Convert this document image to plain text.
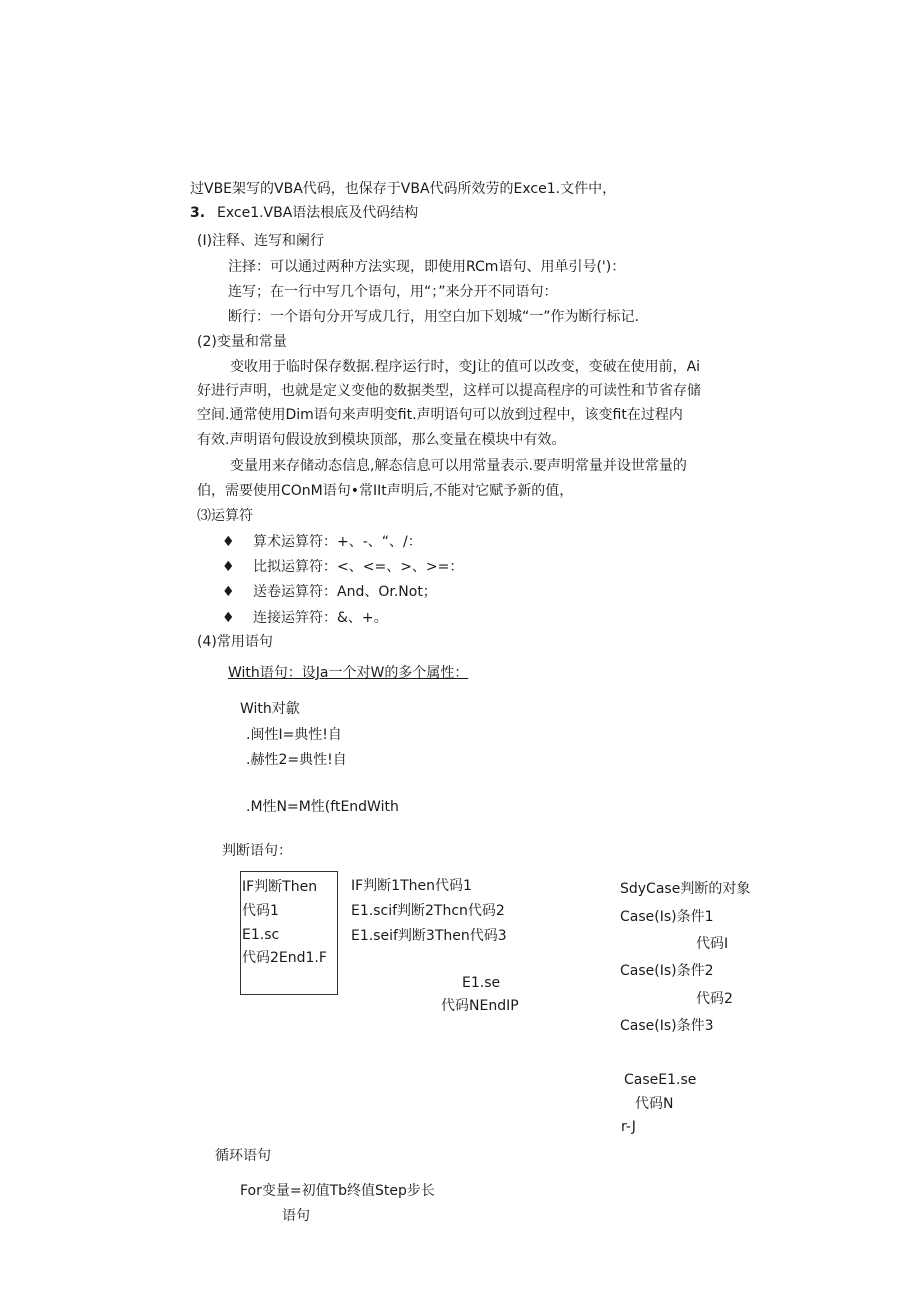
过VBE架写的VBA代码，也保存于VBA代码所效劳的Exce1.文件中，
3. Exce1.VBA语法根底及代码结构
(I)注释、连写和阑行
注择：可以通过两种方法实现，即使用RCm语句、用单引号(')：
连写；在一行中写几个语句，用“；”来分开不同语句：
断行：一个语句分开写成几行，用空白加下划城“一”作为断行标记.
(2)变量和常量
变收用于临时保存数据.程序运行时，变J让的值可以改变，变破在使用前，Ai
好进行声明，也就是定义变他的数据类型，这样可以提高程序的可读性和节省存储
空间.通常使用Dim语句来声明变fit.声明语句可以放到过程中，该变fit在过程内
有效.声明语句假设放到模块顶部，那么变量在模块中有效。
变量用来存储动态信息,解态信息可以用常量表示.要声明常量并设世常量的
伯，需要使用COnM语句•常IIt声明后,不能对它赋予新的值，
⑶运算符
♦ 算术运算符：+、-、“、/：
♦ 比拟运算符：<、<=、>、>=：
♦ 送卷运算符：And、Or.Not；
♦ 连接运笄符：&、+。
(4)常用语句
With语句：设Ja一个对W的多个属性：
With对歙
.闽性I=典性!自
.赫性2=典性!自
.M性N=M性(ftEndWith
判断语句：
IF判断Then
代码1
E1.sc
代码2End1.F
IF判断1Then代码1
E1.scif判断2Thcn代码2
E1.seif判断3Then代码3
E1.se
代码NEndIP
SdyCase判断的对象
Case(Is)条件1
代码I
Case(Is)条件2
代码2
Case(Is)条件3
CaseE1.se
代码N
r-J
循环语句
For变量=初值Tb终值Step步长
语句
